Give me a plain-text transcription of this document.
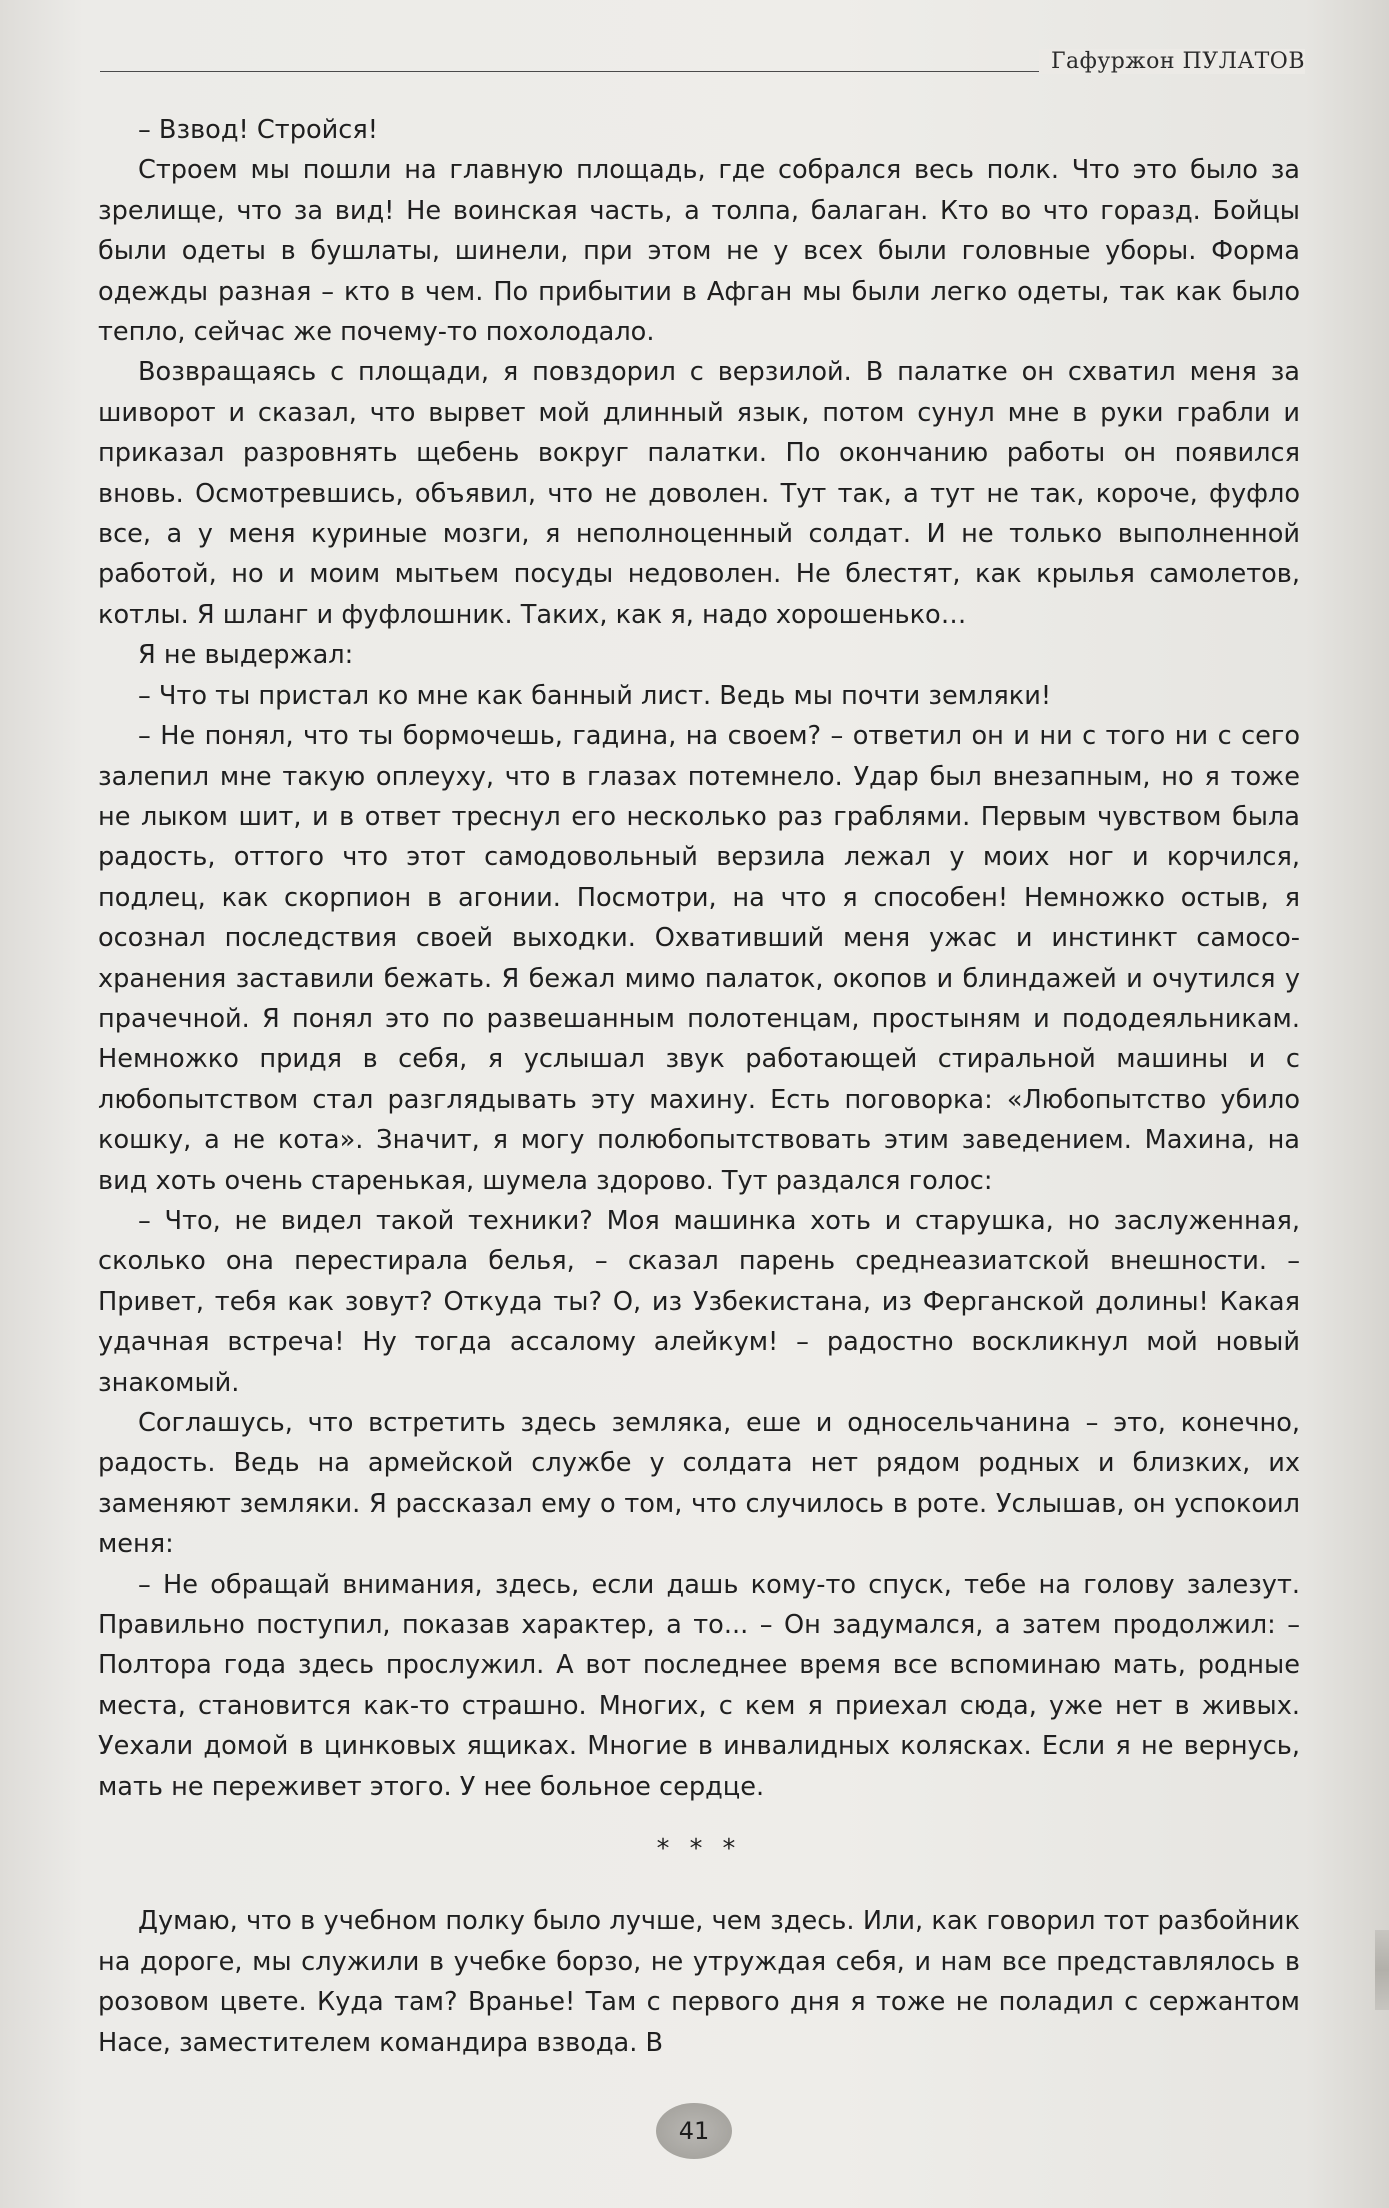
Гафуржон ПУЛАТОВ

– Взвод! Стройся!

Строем мы пошли на главную площадь, где собрался весь полк. Что это было за зрелище, что за вид! Не воинская часть, а толпа, балаган. Кто во что горазд. Бойцы были одеты в бушлаты, шинели, при этом не у всех были головные уборы. Форма одежды разная – кто в чем. По прибытии в Афган мы были легко одеты, так как было тепло, сейчас же почему-то похолодало.

Возвращаясь с площади, я повздорил с верзилой. В палатке он схватил меня за шиворот и сказал, что вырвет мой длинный язык, потом сунул мне в руки грабли и приказал разровнять щебень вокруг палатки. По окончанию работы он появился вновь. Осмотревшись, объявил, что не доволен. Тут так, а тут не так, короче, фуфло все, а у меня куриные мозги, я неполноценный солдат. И не только выполненной работой, но и моим мытьем посуды недоволен. Не блестят, как крылья самолетов, котлы. Я шланг и фуфлошник. Таких, как я, надо хорошенько…

Я не выдержал:

– Что ты пристал ко мне как банный лист. Ведь мы почти земляки!

– Не понял, что ты бормочешь, гадина, на своем? – ответил он и ни с того ни с сего залепил мне такую оплеуху, что в глазах потемнело. Удар был внезапным, но я тоже не лыком шит, и в ответ треснул его несколько раз граблями. Первым чувством была радость, оттого что этот самодовольный верзила лежал у моих ног и корчился, подлец, как скорпион в агонии. Посмотри, на что я способен! Немножко остыв, я осознал последствия своей выходки. Охвативший меня ужас и инстинкт самосохранения заставили бежать. Я бежал мимо палаток, окопов и блиндажей и очутился у прачечной. Я понял это по развешанным полотенцам, простыням и пододеяльникам. Немножко придя в себя, я услышал звук работающей стиральной машины и с любопытством стал разглядывать эту махину. Есть поговорка: «Любопытство убило кошку, а не кота». Значит, я могу полюбопытствовать этим заведением. Махина, на вид хоть очень старенькая, шумела здорово. Тут раздался голос:

– Что, не видел такой техники? Моя машинка хоть и старушка, но заслуженная, сколько она перестирала белья, – сказал парень среднеазиатской внешности. – Привет, тебя как зовут? Откуда ты? О, из Узбекистана, из Ферганской долины! Какая удачная встреча! Ну тогда ассалому алейкум! – радостно воскликнул мой новый знакомый.

Соглашусь, что встретить здесь земляка, еше и односельчанина – это, конечно, радость. Ведь на армейской службе у солдата нет рядом родных и близких, их заменяют земляки. Я рассказал ему о том, что случилось в роте. Услышав, он успокоил меня:

– Не обращай внимания, здесь, если дашь кому-то спуск, тебе на голову залезут. Правильно поступил, показав характер, а то... – Он задумался, а затем продолжил: – Полтора года здесь прослужил. А вот последнее время все вспоминаю мать, родные места, становится как-то страшно. Многих, с кем я приехал сюда, уже нет в живых. Уехали домой в цинковых ящиках. Многие в инвалидных колясках. Если я не вернусь, мать не переживет этого. У нее больное сердце.

* * *

Думаю, что в учебном полку было лучше, чем здесь. Или, как говорил тот разбойник на дороге, мы служили в учебке борзо, не утруждая себя, и нам все представлялось в розовом цвете. Куда там? Вранье! Там с первого дня я тоже не поладил с сержантом Насе, заместителем командира взвода. В

41
